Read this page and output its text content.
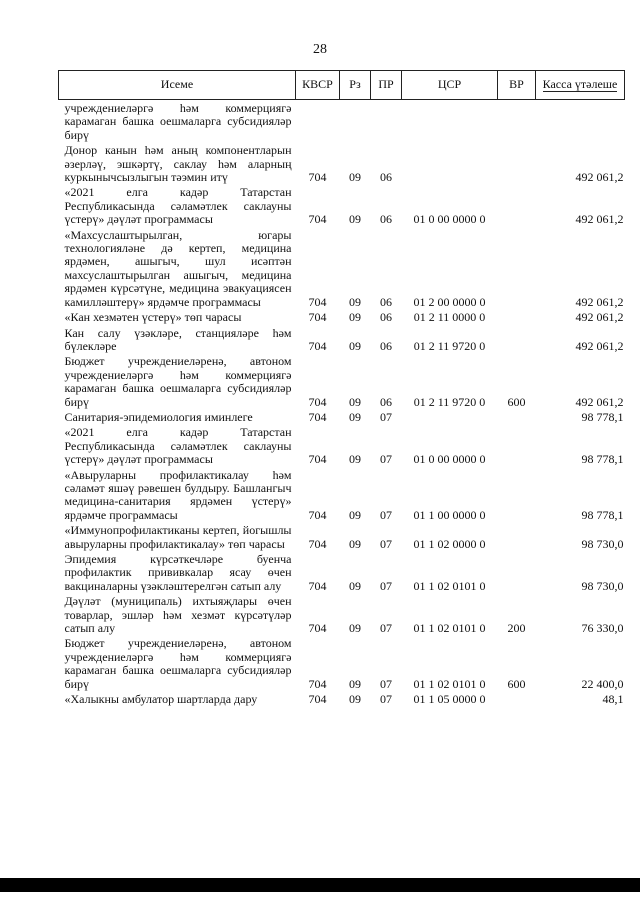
28
Исеме	КВСР	Рз	ПР	ЦСР	ВР	Касса үтәлеше
учреждениеләргә һәм коммерциягә карамаган башка оешмаларга субсидияләр бирү						
Донор канын һәм аның компонентларын әзерләү, эшкәртү, саклау һәм аларның куркынычсызлыгын тәэмин итү	704	09	06			492 061,2
«2021 елга кадәр Татарстан Республикасында сәламәтлек саклауны үстерү» дәүләт программасы	704	09	06	01 0 00 0000 0		492 061,2
«Махсуслаштырылган, югары технологияләне дә кертеп, медицина ярдәмен, ашыгыч, шул исәптән махсуслаштырылган ашыгыч, медицина ярдәмен күрсәтүне, медицина эвакуациясен камилләштерү» ярдәмче программасы	704	09	06	01 2 00 0000 0		492 061,2
«Кан хезмәтен үстерү» төп чарасы	704	09	06	01 2 11 0000 0		492 061,2
Кан салу үзәкләре, станцияләре һәм бүлекләре	704	09	06	01 2 11 9720 0		492 061,2
Бюджет учреждениеләренә, автоном учреждениеләргә һәм коммерциягә карамаган башка оешмаларга субсидияләр бирү	704	09	06	01 2 11 9720 0	600	492 061,2
Санитария-эпидемиология иминлеге	704	09	07			98 778,1
«2021 елга кадәр Татарстан Республикасында сәламәтлек саклауны үстерү» дәүләт программасы	704	09	07	01 0 00 0000 0		98 778,1
«Авыруларны профилактикалау һәм сәламәт яшәү рәвешен булдыру. Башлангыч медицина-санитария ярдәмен үстерү» ярдәмче программасы	704	09	07	01 1 00 0000 0		98 778,1
«Иммунопрофилактиканы кертеп, йогышлы авыруларны профилактикалау» төп чарасы	704	09	07	01 1 02 0000 0		98 730,0
Эпидемия күрсәткечләре буенча профилактик прививкалар ясау өчен вакциналарны үзәкләштерелгән сатып алу	704	09	07	01 1 02 0101 0		98 730,0
Дәүләт (муниципаль) ихтыяҗлары өчен товарлар, эшләр һәм хезмәт күрсәтүләр сатып алу	704	09	07	01 1 02 0101 0	200	76 330,0
Бюджет учреждениеләренә, автоном учреждениеләргә һәм коммерциягә карамаган башка оешмаларга субсидияләр бирү	704	09	07	01 1 02 0101 0	600	22 400,0
«Халыкны амбулатор шартларда дару	704	09	07	01 1 05 0000 0		48,1
